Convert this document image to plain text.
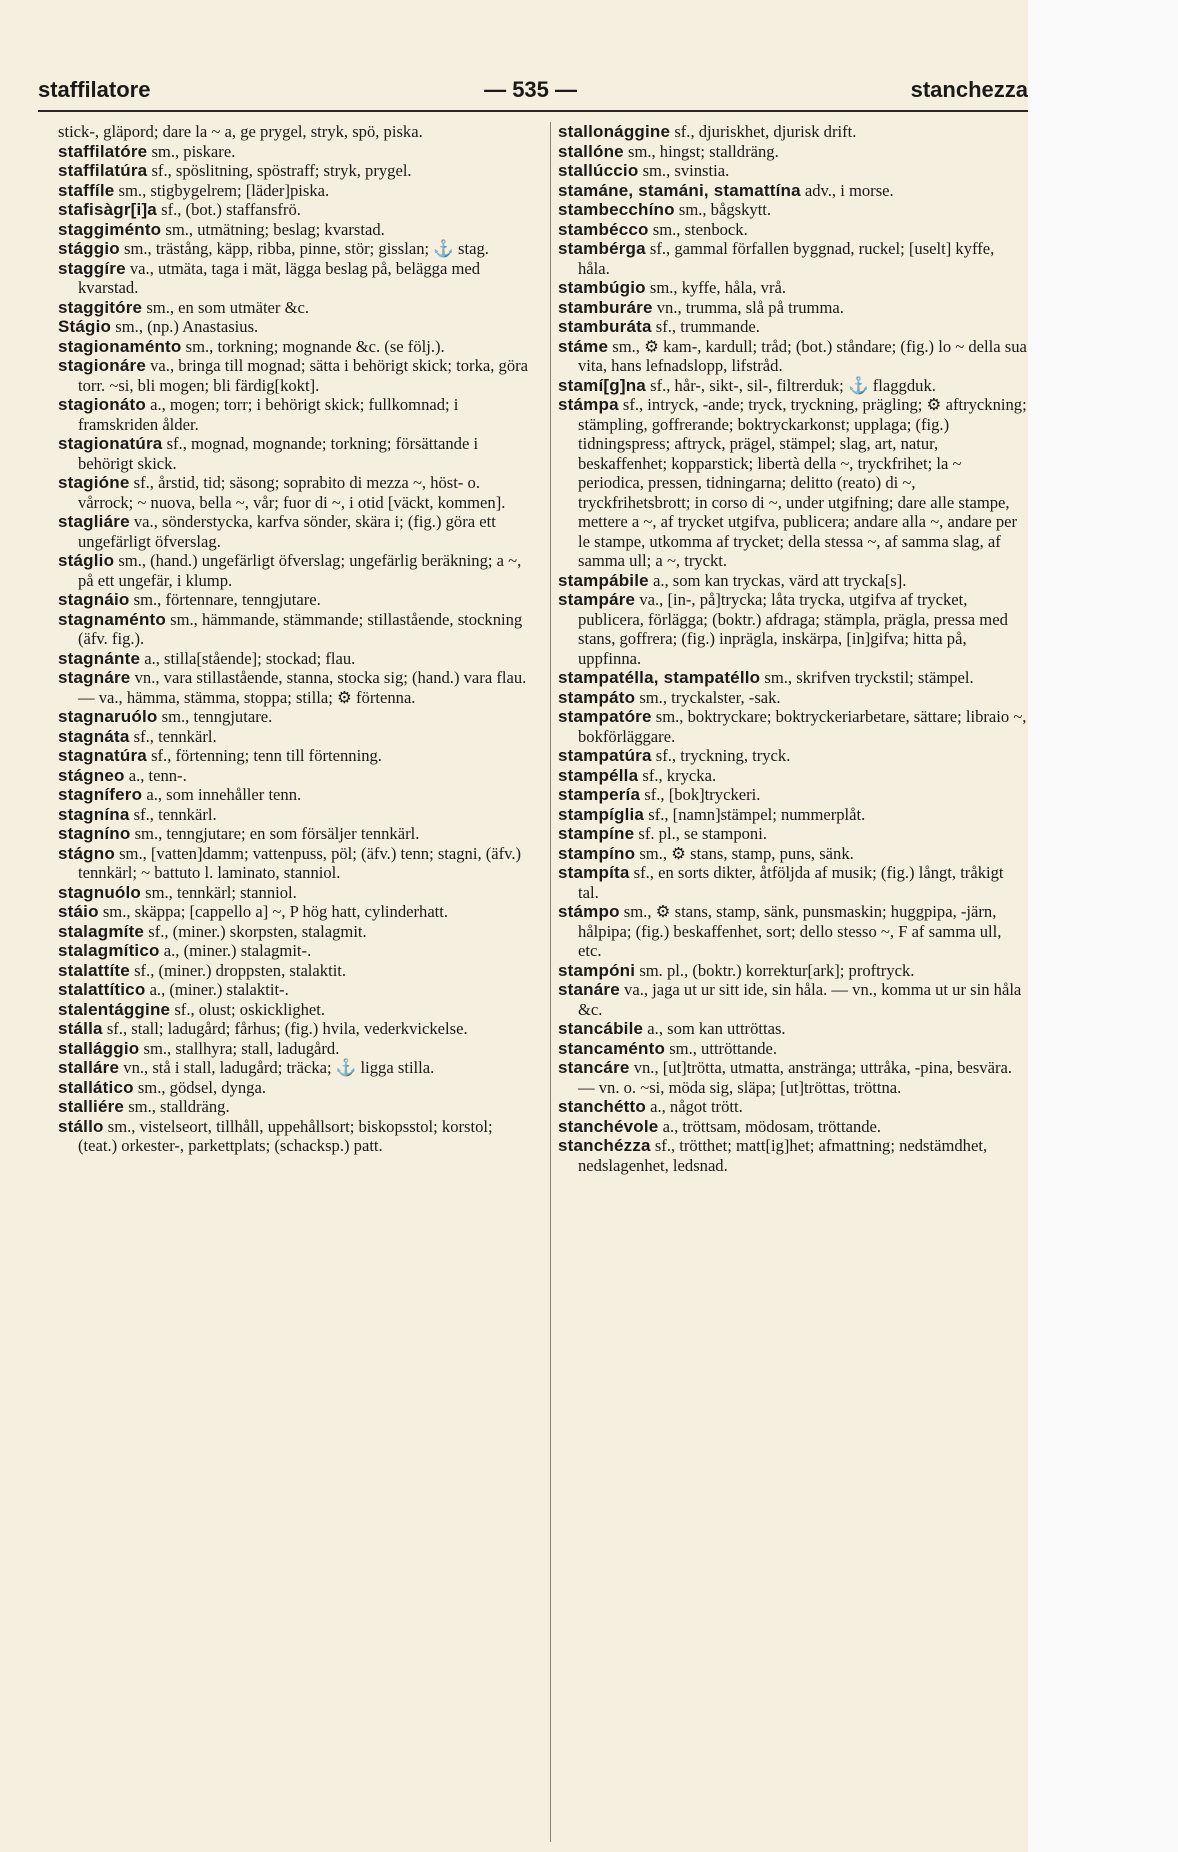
staffilatore	— 535 —	stanchezza

stick-, gläpord; dare la ~ a, ge prygel, stryk, spö, piska.

staffilatóre sm., piskare.

staffilatúra sf., spöslitning, spöstraff; stryk, prygel.

staffíle sm., stigbygelrem; [läder]piska.

stafisàgr[i]a sf., (bot.) staffansfrö.

staggiménto sm., utmätning; beslag; kvarstad.

stággio sm., trästång, käpp, ribba, pinne, stör; gisslan; ⚓ stag.

staggíre va., utmäta, taga i mät, lägga beslag på, belägga med kvarstad.

staggitóre sm., en som utmäter &c.

Stágio sm., (np.) Anastasius.

stagionaménto sm., torkning; mognande &c. (se följ.).

stagionáre va., bringa till mognad; sätta i behörigt skick; torka, göra torr. ~si, bli mogen; bli färdig[kokt].

stagionáto a., mogen; torr; i behörigt skick; fullkomnad; i framskriden ålder.

stagionatúra sf., mognad, mognande; torkning; försättande i behörigt skick.

stagióne sf., årstid, tid; säsong; soprabito di mezza ~, höst- o. vårrock; ~ nuova, bella ~, vår; fuor di ~, i otid [väckt, kommen].

stagliáre va., sönderstycka, karfva sönder, skära i; (fig.) göra ett ungefärligt öfverslag.

stáglio sm., (hand.) ungefärligt öfverslag; ungefärlig beräkning; a ~, på ett ungefär, i klump.

stagnáio sm., förtennare, tenngjutare.

stagnaménto sm., hämmande, stämmande; stillastående, stockning (äfv. fig.).

stagnánte a., stilla[stående]; stockad; flau.

stagnáre vn., vara stillastående, stanna, stocka sig; (hand.) vara flau. — va., hämma, stämma, stoppa; stilla; ⚙ förtenna.

stagnaruólo sm., tenngjutare.

stagnáta sf., tennkärl.

stagnatúra sf., förtenning; tenn till förtenning.

stágneo a., tenn-.

stagnífero a., som innehåller tenn.

stagnína sf., tennkärl.

stagníno sm., tenngjutare; en som försäljer tennkärl.

stágno sm., [vatten]damm; vattenpuss, pöl; (äfv.) tenn; stagni, (äfv.) tennkärl; ~ battuto l. laminato, stanniol.

stagnuólo sm., tennkärl; stanniol.

stáio sm., skäppa; [cappello a] ~, P hög hatt, cylinderhatt.

stalagmíte sf., (miner.) skorpsten, stalagmit.

stalagmítico a., (miner.) stalagmit-.

stalattíte sf., (miner.) droppsten, stalaktit.

stalattítico a., (miner.) stalaktit-.

stalentággine sf., olust; oskicklighet.

stálla sf., stall; ladugård; fårhus; (fig.) hvila, vederkvickelse.

stallággio sm., stallhyra; stall, ladugård.

stalláre vn., stå i stall, ladugård; träcka; ⚓ ligga stilla.

stallático sm., gödsel, dynga.

stalliére sm., stalldräng.

stállo sm., vistelseort, tillhåll, uppehållsort; biskopsstol; korstol; (teat.) orkester-, parkettplats; (schacksp.) patt.

stallonággine sf., djuriskhet, djurisk drift.

stallóne sm., hingst; stalldräng.

stallúccio sm., svinstia.

stamáne, stamáni, stamattína adv., i morse.

stambecchíno sm., bågskytt.

stambécco sm., stenbock.

stambérga sf., gammal förfallen byggnad, ruckel; [uselt] kyffe, håla.

stambúgio sm., kyffe, håla, vrå.

stamburáre vn., trumma, slå på trumma.

stamburáta sf., trummande.

stáme sm., ⚙ kam-, kardull; tråd; (bot.) ståndare; (fig.) lo ~ della sua vita, hans lefnadslopp, lifstråd.

stamí[g]na sf., hår-, sikt-, sil-, filtrerduk; ⚓ flaggduk.

stámpa sf., intryck, -ande; tryck, tryckning, prägling; ⚙ aftryckning; stämpling, goffrerande; boktryckarkonst; upplaga; (fig.) tidningspress; aftryck, prägel, stämpel; slag, art, natur, beskaffenhet; kopparstick; libertà della ~, tryckfrihet; la ~ periodica, pressen, tidningarna; delitto (reato) di ~, tryckfrihetsbrott; in corso di ~, under utgifning; dare alle stampe, mettere a ~, af trycket utgifva, publicera; andare alla ~, andare per le stampe, utkomma af trycket; della stessa ~, af samma slag, af samma ull; a ~, tryckt.

stampábile a., som kan tryckas, värd att trycka[s].

stampáre va., [in-, på]trycka; låta trycka, utgifva af trycket, publicera, förlägga; (boktr.) afdraga; stämpla, prägla, pressa med stans, goffrera; (fig.) inprägla, inskärpa, [in]gifva; hitta på, uppfinna.

stampatélla, stampatéllo sm., skrifven tryckstil; stämpel.

stampáto sm., tryckalster, -sak.

stampatóre sm., boktryckare; boktryckeriarbetare, sättare; libraio ~, bokförläggare.

stampatúra sf., tryckning, tryck.

stampélla sf., krycka.

stampería sf., [bok]tryckeri.

stampíglia sf., [namn]stämpel; nummerplåt.

stampíne sf. pl., se stamponi.

stampíno sm., ⚙ stans, stamp, puns, sänk.

stampíta sf., en sorts dikter, åtföljda af musik; (fig.) långt, tråkigt tal.

stámpo sm., ⚙ stans, stamp, sänk, punsmaskin; huggpipa, -järn, hålpipa; (fig.) beskaffenhet, sort; dello stesso ~, F af samma ull, etc.

stampóni sm. pl., (boktr.) korrektur[ark]; proftryck.

stanáre va., jaga ut ur sitt ide, sin håla. — vn., komma ut ur sin håla &c.

stancábile a., som kan uttröttas.

stancaménto sm., uttröttande.

stancáre vn., [ut]trötta, utmatta, anstränga; uttråka, -pina, besvära. — vn. o. ~si, möda sig, släpa; [ut]tröttas, tröttna.

stanchétto a., något trött.

stanchévole a., tröttsam, mödosam, tröttande.

stanchézza sf., trötthet; matt[ig]het; afmattning; nedstämdhet, nedslagenhet, ledsnad.
